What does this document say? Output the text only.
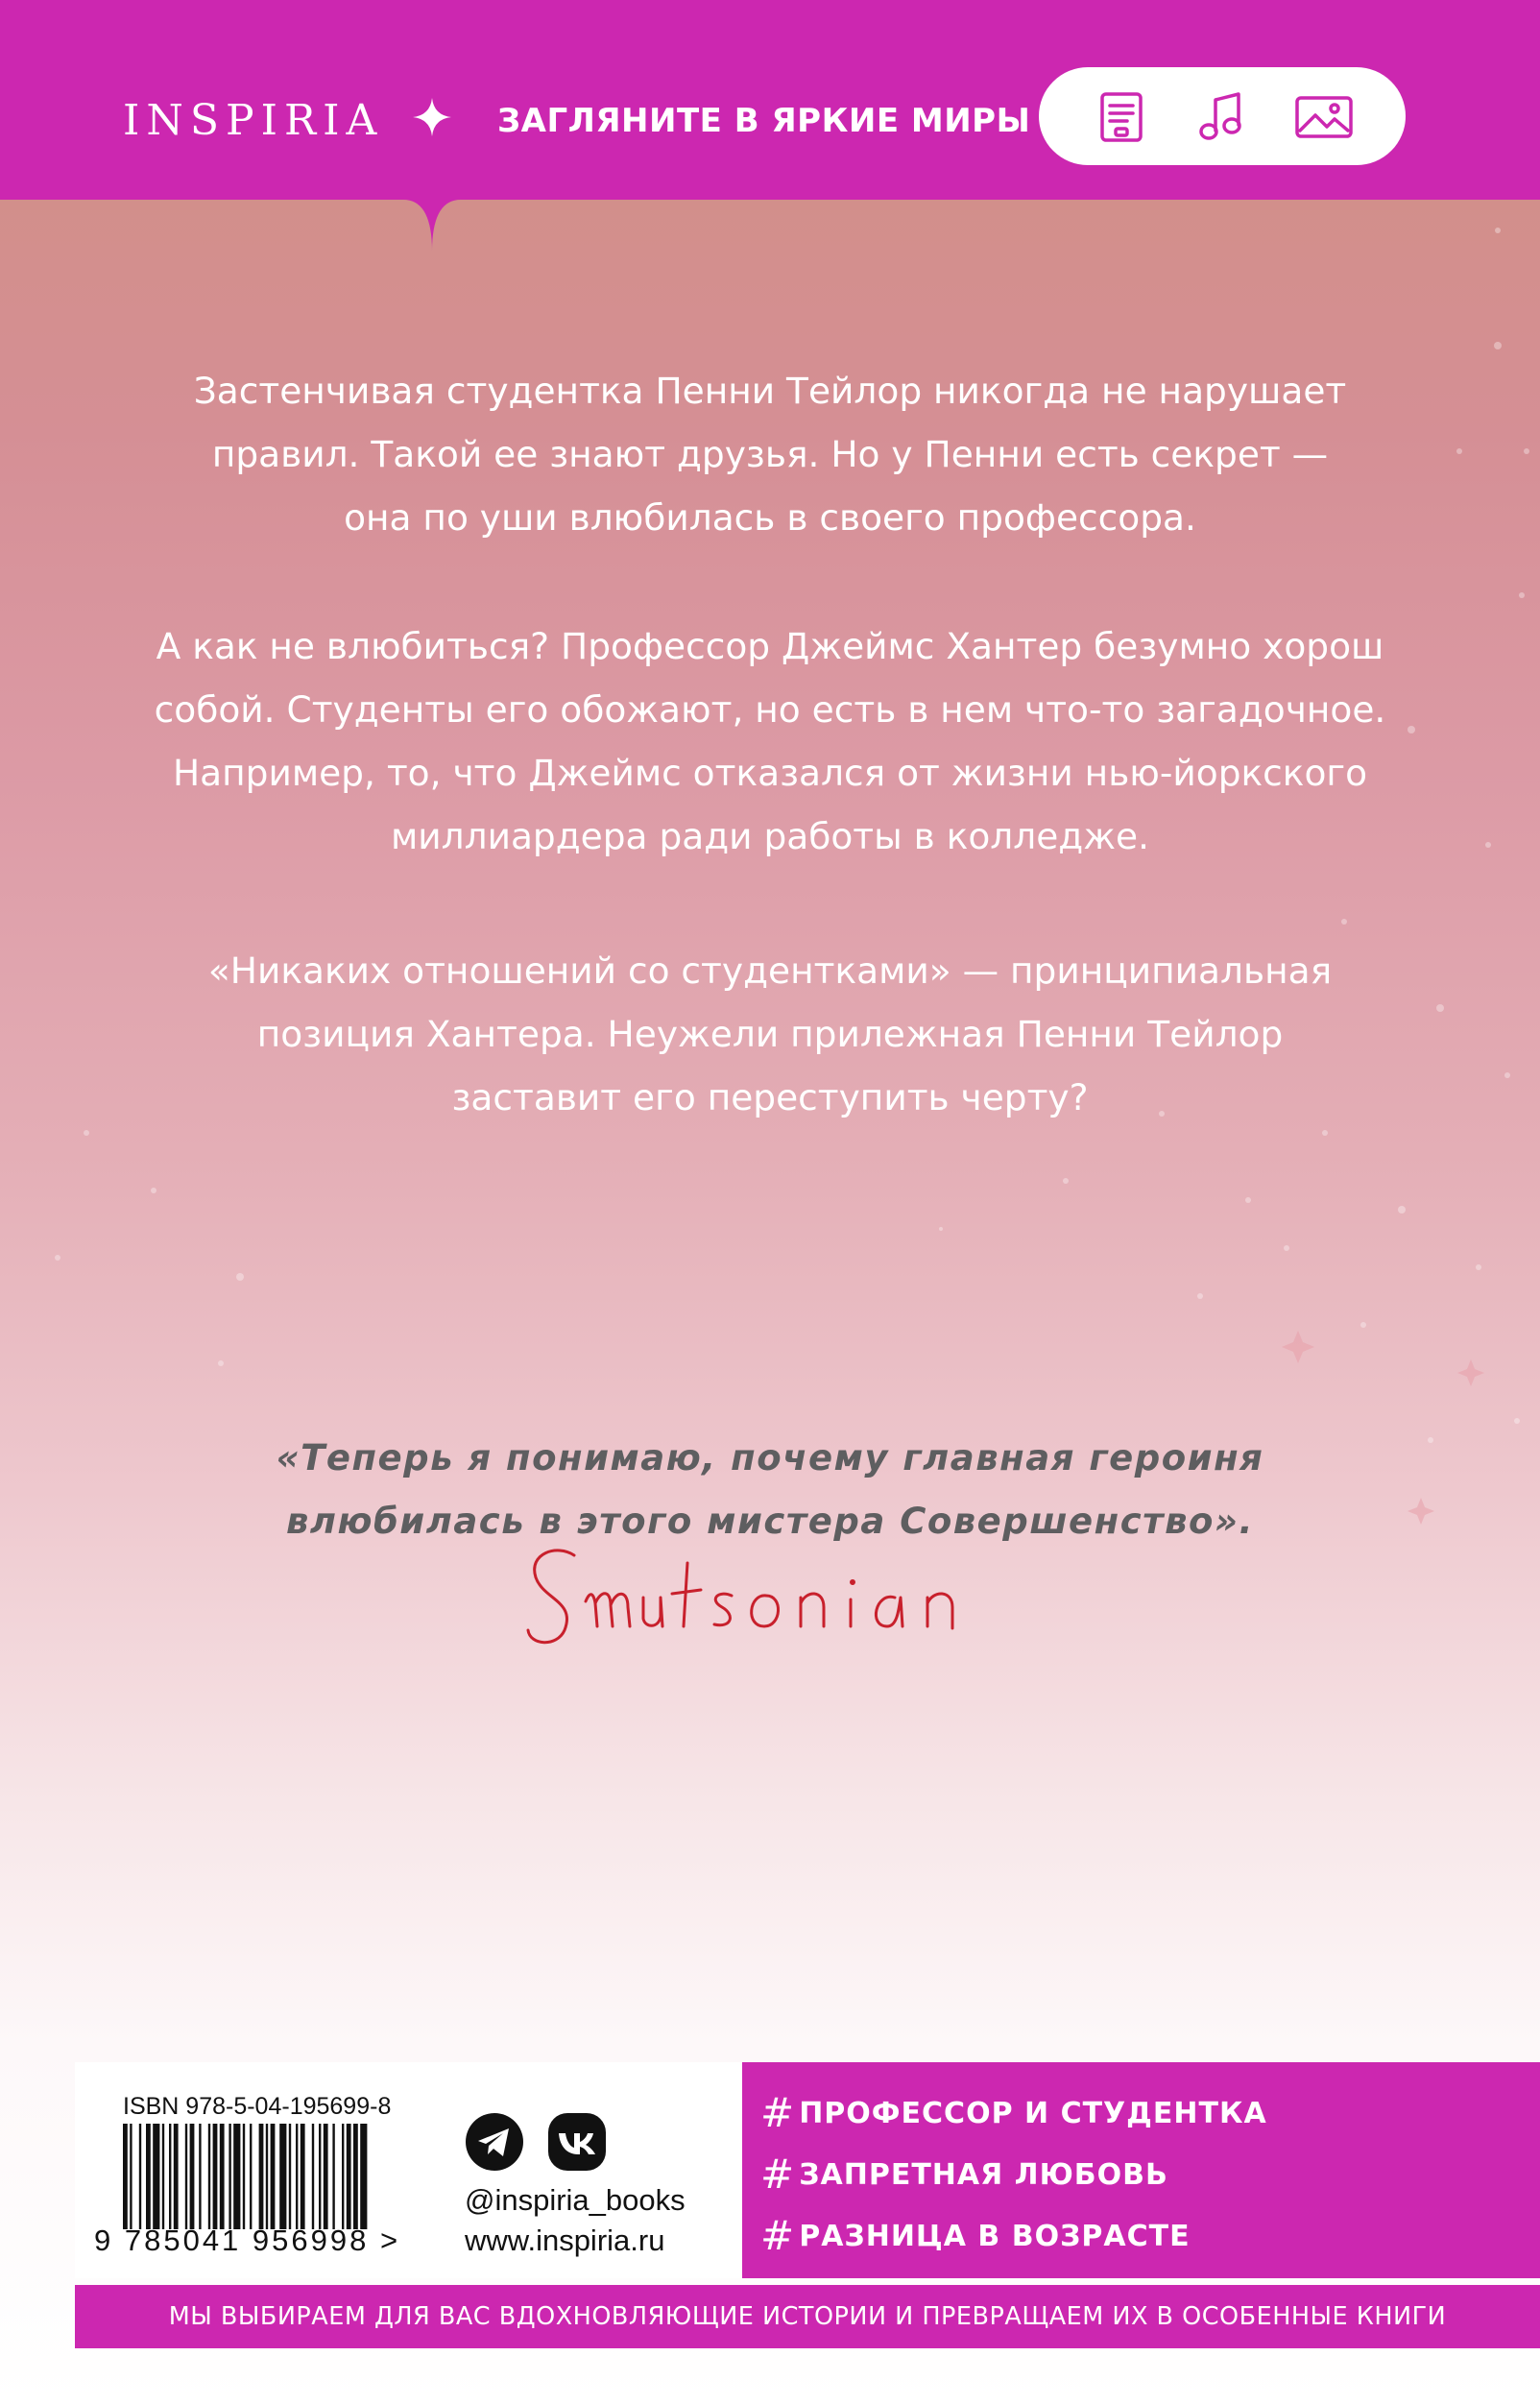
INSPIRIA	ЗАГЛЯНИТЕ В ЯРКИЕ МИРЫ
Застенчивая студентка Пенни Тейлор никогда не нарушает
правил. Такой ее знают друзья. Но у Пенни есть секрет —
она по уши влюбилась в своего профессора.
А как не влюбиться? Профессор Джеймс Хантер безумно хорош
собой. Студенты его обожают, но есть в нем что-то загадочное.
Например, то, что Джеймс отказался от жизни нью-йоркского
миллиардера ради работы в колледже.
«Никаких отношений со студентками» — принципиальная
позиция Хантера. Неужели прилежная Пенни Тейлор
заставит его переступить черту?
«Теперь я понимаю, почему главная героиня
влюбилась в этого мистера Совершенство».
ISBN 978-5-04-195699-8
9 785041 956998 >
@inspiria_books
www.inspiria.ru
# ПРОФЕССОР И СТУДЕНТКА
# ЗАПРЕТНАЯ ЛЮБОВЬ
# РАЗНИЦА В ВОЗРАСТЕ
МЫ ВЫБИРАЕМ ДЛЯ ВАС ВДОХНОВЛЯЮЩИЕ ИСТОРИИ И ПРЕВРАЩАЕМ ИХ В ОСОБЕННЫЕ КНИГИ
